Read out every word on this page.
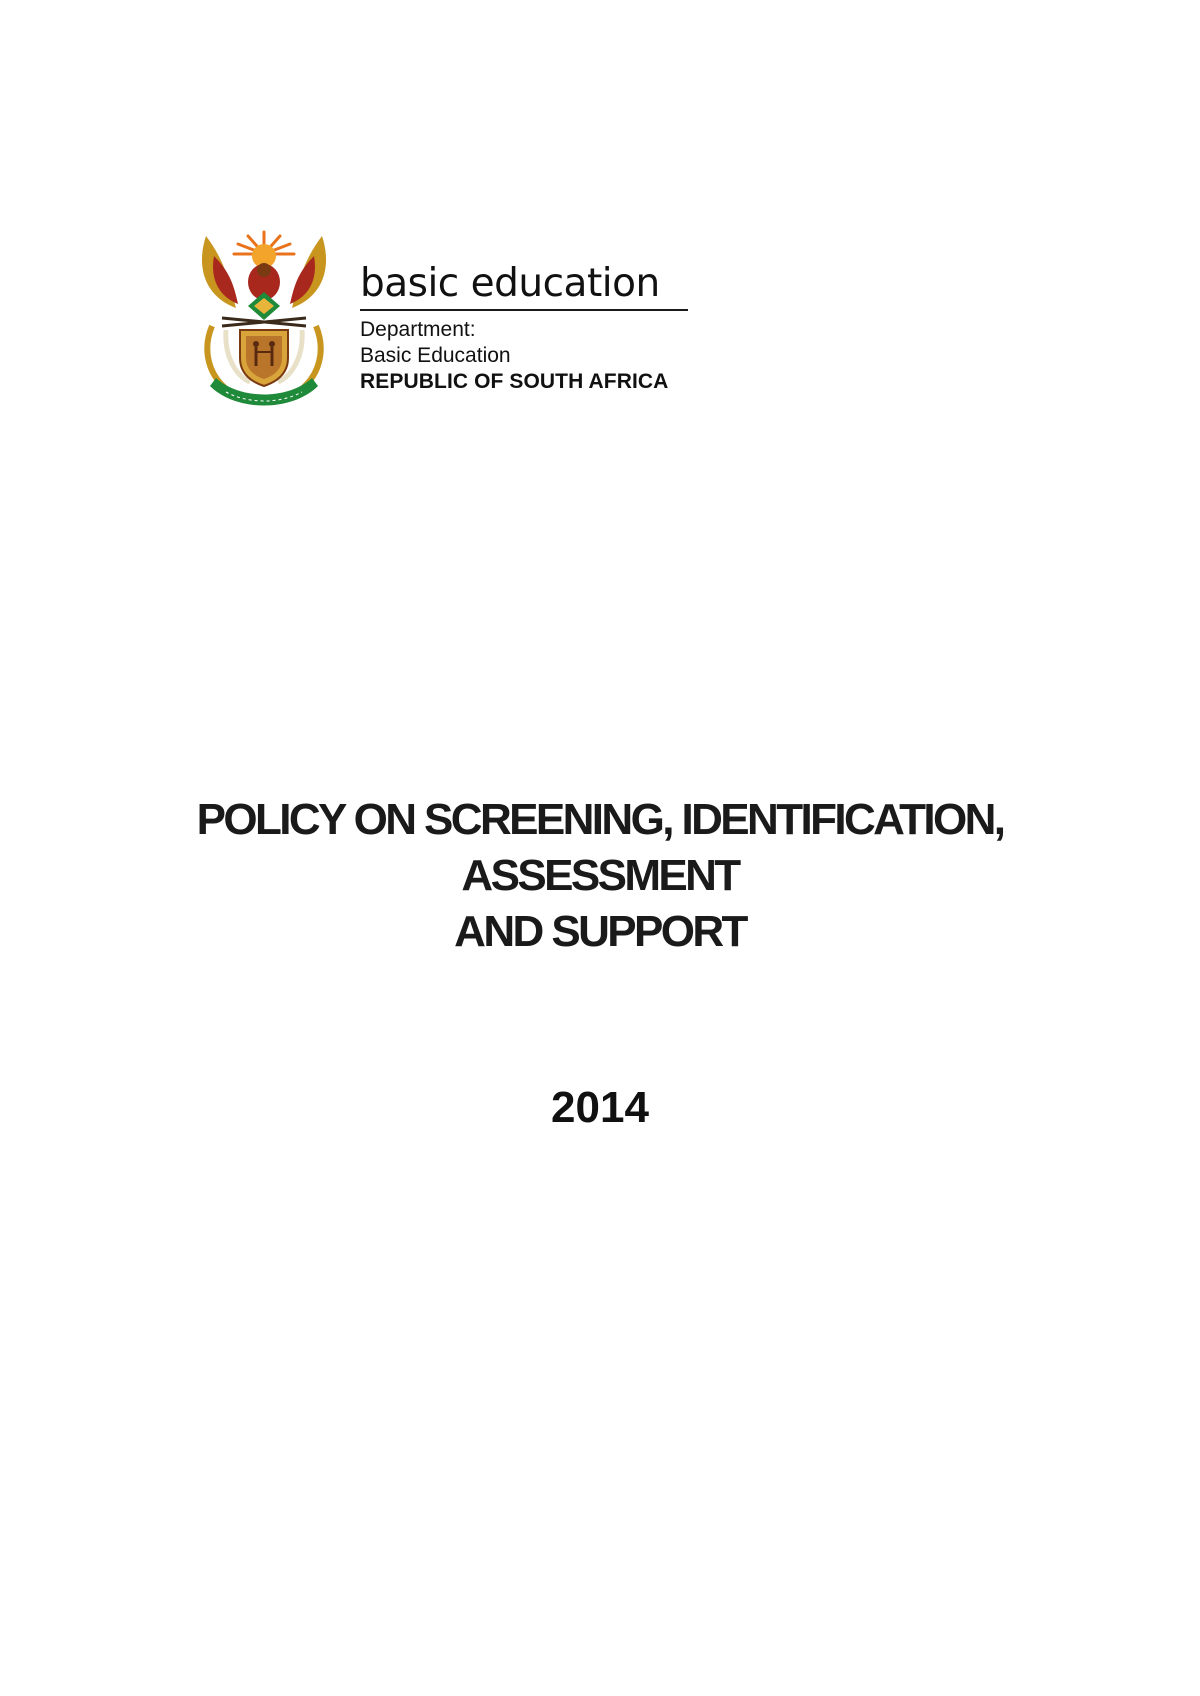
basic education
Department:
Basic Education
REPUBLIC OF SOUTH AFRICA
POLICY ON SCREENING, IDENTIFICATION,
ASSESSMENT
AND SUPPORT
2014
